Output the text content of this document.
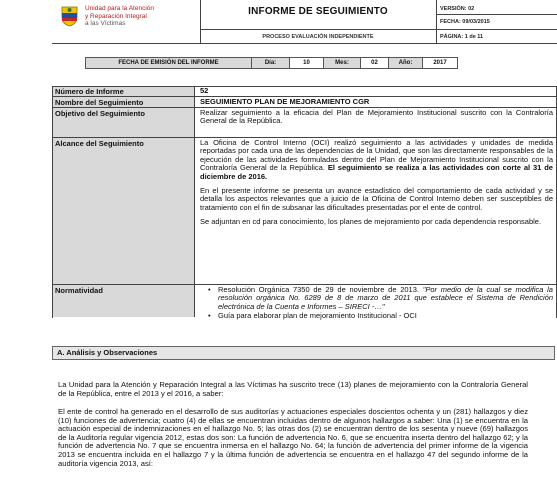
Unidad para la Atención
y Reparación Integral
a las Víctimas
INFORME DE SEGUIMIENTO
PROCESO EVALUACIÓN INDEPENDIENTE
VERSIÓN: 02
FECHA: 09/03/2015
PÁGINA: 1 de 11
FECHA DE EMISIÓN DEL INFORME	Día:	10	Mes:	02	Año:	2017
Número de Informe	52
Nombre del Seguimiento	SEGUIMIENTO PLAN DE MEJORAMIENTO CGR
Objetivo del Seguimiento	Realizar seguimiento a la eficacia del Plan de Mejoramiento Institucional suscrito con la Contraloría General de la República.
Alcance del Seguimiento	La Oficina de Control Interno (OCI) realizó seguimiento a las actividades y unidades de medida reportadas por cada una de las dependencias de la Unidad, que son las directamente responsables de la ejecución de las actividades formuladas dentro del Plan de Mejoramiento Institucional suscrito con la Contraloría General de la República. El seguimiento se realiza a las actividades con corte al 31 de diciembre de 2016.

En el presente informe se presenta un avance estadístico del comportamiento de cada actividad y se detalla los aspectos relevantes que a juicio de la Oficina de Control Interno deben ser susceptibles de tratamiento con el fin de subsanar las dificultades presentadas por el ente de control.

Se adjuntan en cd para conocimiento, los planes de mejoramiento por cada dependencia responsable.

Normatividad
•	Resolución Orgánica 7350 de 29 de noviembre de 2013. "Por medio de la cual se modifica la resolución orgánica No. 6289 de 8 de marzo de 2011 que establece el Sistema de Rendición electrónica de la Cuenta e Informes – SIRECI -…"
• Guía para elaborar plan de mejoramiento Institucional - OCI
A. Análisis y Observaciones
La Unidad para la Atención y Reparación Integral a las Víctimas ha suscrito trece (13) planes de mejoramiento con la Contraloría General de la República, entre el 2013 y el 2016, a saber:
El ente de control ha generado en el desarrollo de sus auditorías y actuaciones especiales doscientos ochenta y un (281) hallazgos y diez (10) funciones de advertencia; cuatro (4) de ellas se encuentran incluidas dentro de algunos hallazgos a saber: Una (1) se encuentra en la actuación especial de indemnizaciones en el hallazgo No. 5; las otras dos (2) se encuentran dentro de los sesenta y nueve (69) hallazgos de la Auditoría regular vigencia 2012, estas dos son: La función de advertencia No. 6, que se encuentra inserta dentro del hallazgo 62; y la función de advertencia No. 7 que se encuentra inmersa en el hallazgo No. 64; la función de advertencia del primer informe de la vigencia 2013 se encuentra incluida en el hallazgo 7 y la última función de advertencia se encuentra en el hallazgo 47 del segundo informe de la auditoría vigencia 2013, así:
